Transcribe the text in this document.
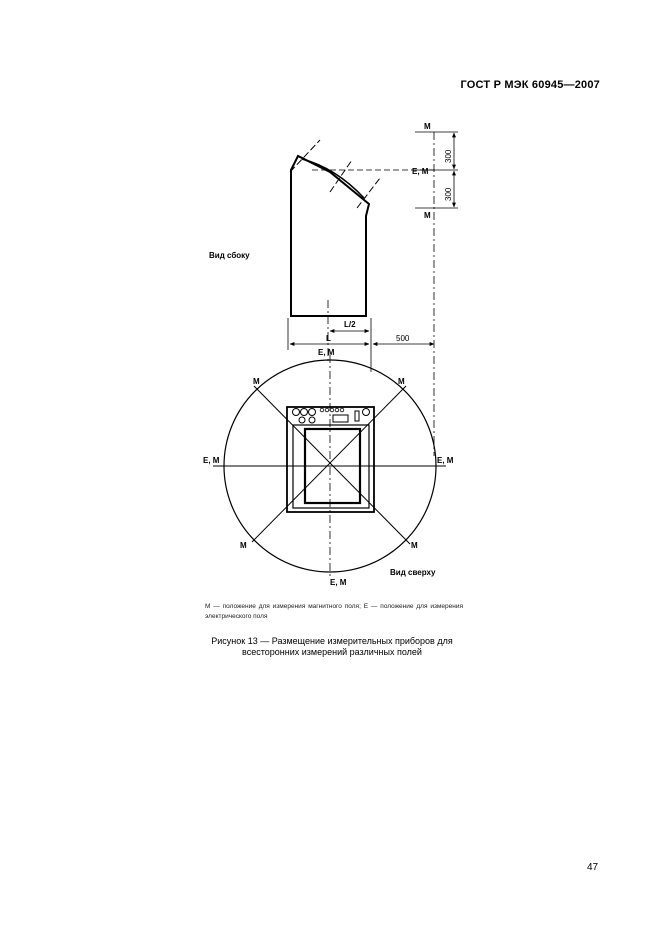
ГОСТ Р МЭК 60945—2007
L/2
L	500
300
300
M
E, M
M
Вид сбоку
E, M
E, M	E, M
E, M
M	M
M	M
Вид сверху
М — положение для измерения магнитного поля; Е — положение для измерения электрического поля
Рисунок 13 — Размещение измерительных приборов для всесторонних измерений различных полей
47
